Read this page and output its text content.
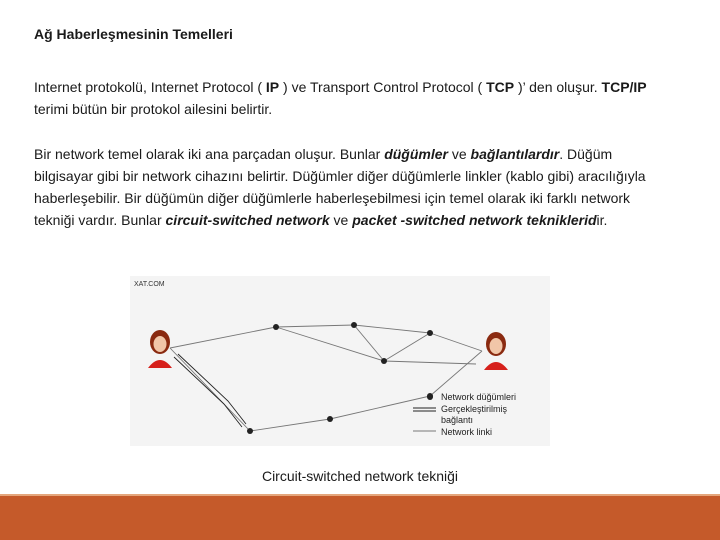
Ağ Haberleşmesinin Temelleri
Internet protokolü, Internet Protocol ( IP ) ve Transport Control Protocol ( TCP )’ den oluşur. TCP/IP terimi bütün bir protokol ailesini belirtir.
Bir network temel olarak iki ana parçadan oluşur. Bunlar düğümler ve bağlantılardır. Düğüm bilgisayar gibi bir network cihazını belirtir. Düğümler diğer düğümlerle linkler (kablo gibi) aracılığıyla haberleşebilir. Bir düğümün diğer düğümlerle haberleşebilmesi için temel olarak iki farklı network tekniği vardır. Bunlar circuit-switched network ve packet -switched network teknikleridir.
XAT.COM
Network düğümleri
Gerçekleştirilmiş
bağlantı
Network linki
Circuit-switched network tekniği
